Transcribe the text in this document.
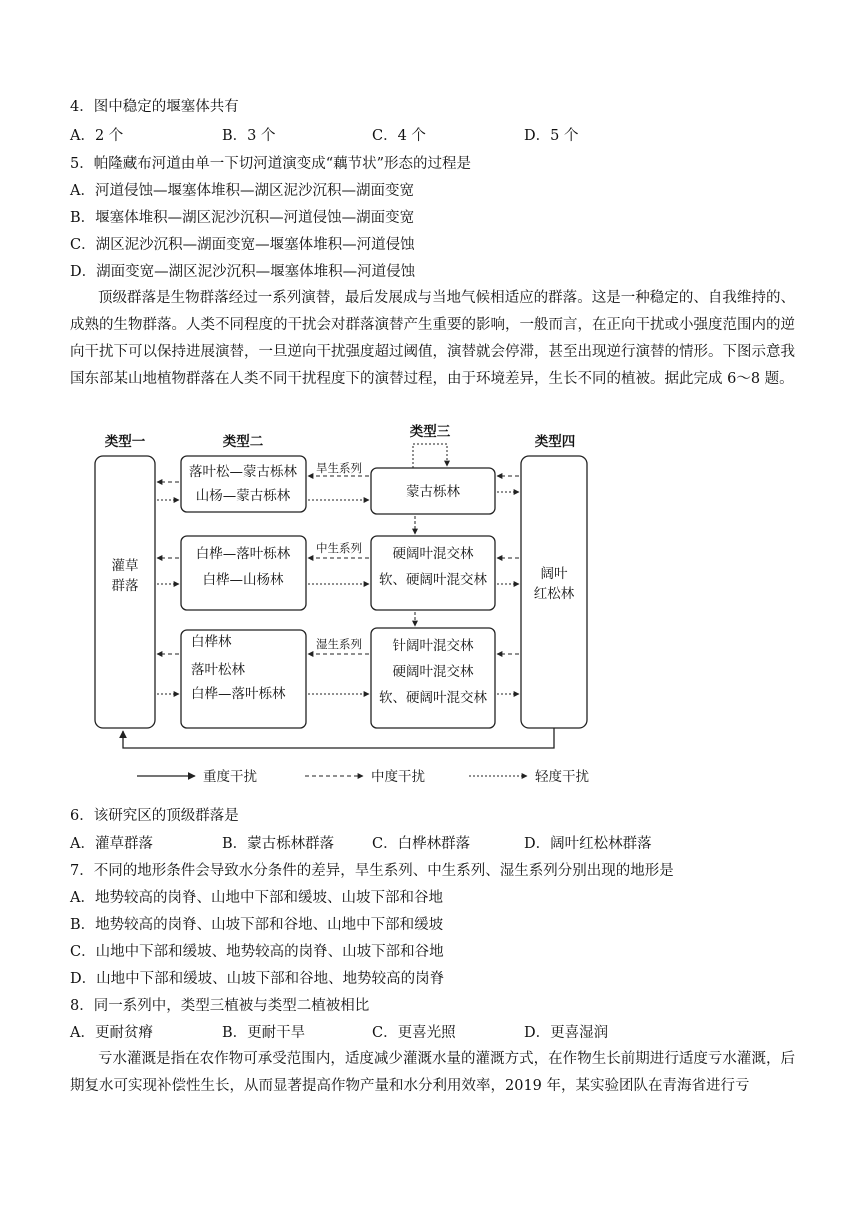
4．图中稳定的堰塞体共有
A．2 个	B．3 个	C．4 个	D．5 个
5．帕隆藏布河道由单一下切河道演变成“藕节状”形态的过程是
A．河道侵蚀—堰塞体堆积—湖区泥沙沉积—湖面变宽
B．堰塞体堆积—湖区泥沙沉积—河道侵蚀—湖面变宽
C．湖区泥沙沉积—湖面变宽—堰塞体堆积—河道侵蚀
D．湖面变宽—湖区泥沙沉积—堰塞体堆积—河道侵蚀
顶级群落是生物群落经过一系列演替，最后发展成与当地气候相适应的群落。这是一种稳定的、自我维持的、成熟的生物群落。人类不同程度的干扰会对群落演替产生重要的影响，一般而言，在正向干扰或小强度范围内的逆向干扰下可以保持进展演替，一旦逆向干扰强度超过阈值，演替就会停滞，甚至出现逆行演替的情形。下图示意我国东部某山地植物群落在人类不同干扰程度下的演替过程，由于环境差异，生长不同的植被。据此完成 6～8 题。
类型一	类型二
类型三
类型四
灌草
群落
阔叶
红松林
落叶松—蒙古栎林
山杨—蒙古栎林
白桦—落叶栎林
白桦—山杨林
白桦林
落叶松林
白桦—落叶栎林
蒙古栎林
硬阔叶混交林
软、硬阔叶混交林
针阔叶混交林
硬阔叶混交林
软、硬阔叶混交林
旱生系列
中生系列
湿生系列
重度干扰	中度干扰	轻度干扰
6．该研究区的顶级群落是
A．灌草群落	B．蒙古栎林群落	C．白桦林群落	D．阔叶红松林群落
7．不同的地形条件会导致水分条件的差异，旱生系列、中生系列、湿生系列分别出现的地形是
A．地势较高的岗脊、山地中下部和缓坡、山坡下部和谷地
B．地势较高的岗脊、山坡下部和谷地、山地中下部和缓坡
C．山地中下部和缓坡、地势较高的岗脊、山坡下部和谷地
D．山地中下部和缓坡、山坡下部和谷地、地势较高的岗脊
8．同一系列中，类型三植被与类型二植被相比
A．更耐贫瘠	B．更耐干旱	C．更喜光照	D．更喜湿润
亏水灌溉是指在农作物可承受范围内，适度减少灌溉水量的灌溉方式，在作物生长前期进行适度亏水灌溉，后期复水可实现补偿性生长，从而显著提高作物产量和水分利用效率，2019 年，某实验团队在青海省进行亏
